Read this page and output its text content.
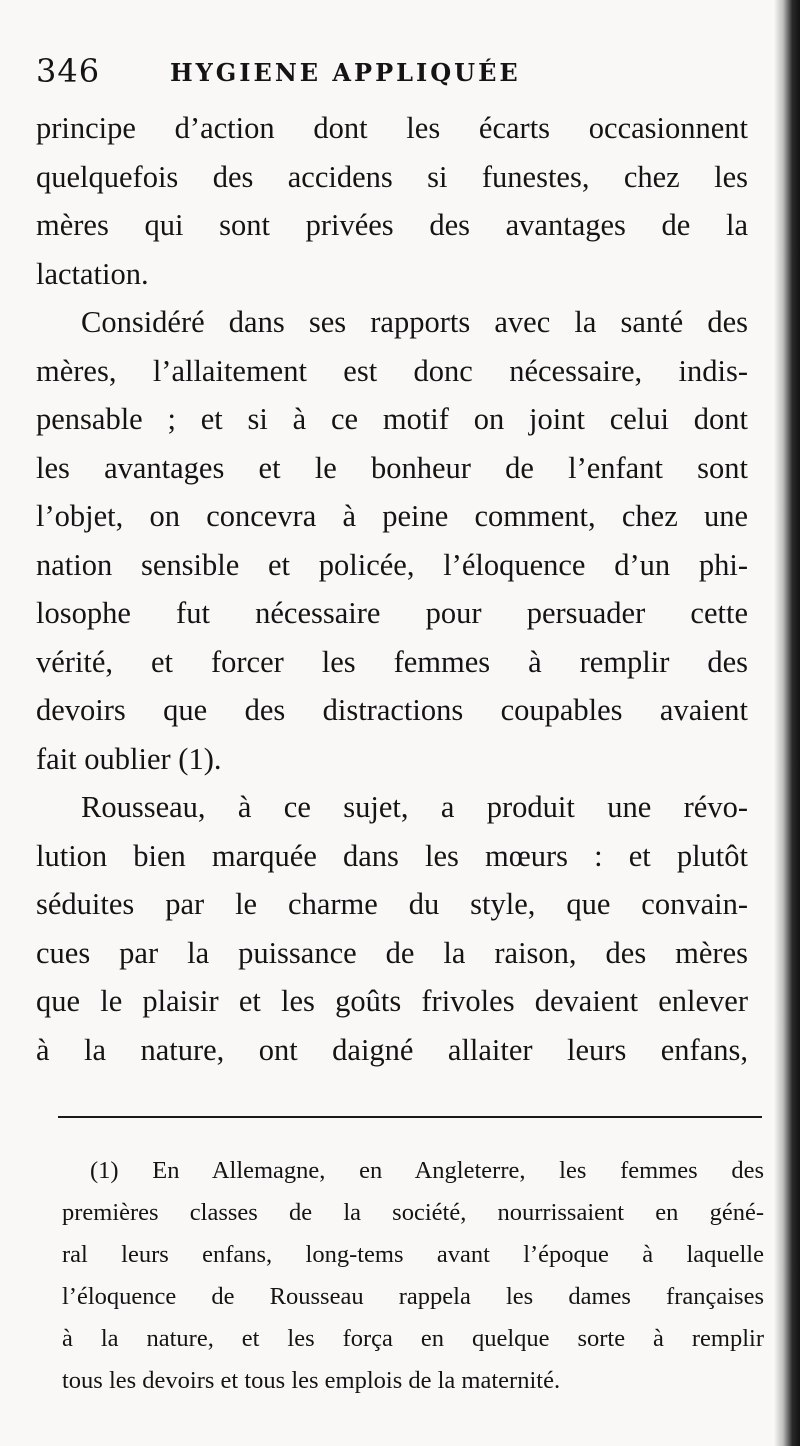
346	HYGIENE APPLIQUÉE

principe d’action dont les écarts occasionnent
quelquefois des accidens si funestes, chez les
mères qui sont privées des avantages de la
lactation.

Considéré dans ses rapports avec la santé des
mères, l’allaitement est donc nécessaire, indis-
pensable ; et si à ce motif on joint celui dont
les avantages et le bonheur de l’enfant sont
l’objet, on concevra à peine comment, chez une
nation sensible et policée, l’éloquence d’un phi-
losophe fut nécessaire pour persuader cette
vérité, et forcer les femmes à remplir des
devoirs que des distractions coupables avaient
fait oublier (1).

Rousseau, à ce sujet, a produit une révo-
lution bien marquée dans les mœurs : et plutôt
séduites par le charme du style, que convain-
cues par la puissance de la raison, des mères
que le plaisir et les goûts frivoles devaient enlever
à la nature, ont daigné allaiter leurs enfans,

(1) En Allemagne, en Angleterre, les femmes des
premières classes de la société, nourrissaient en géné-
ral leurs enfans, long-tems avant l’époque à laquelle
l’éloquence de Rousseau rappela les dames françaises
à la nature, et les força en quelque sorte à remplir
tous les devoirs et tous les emplois de la maternité.
